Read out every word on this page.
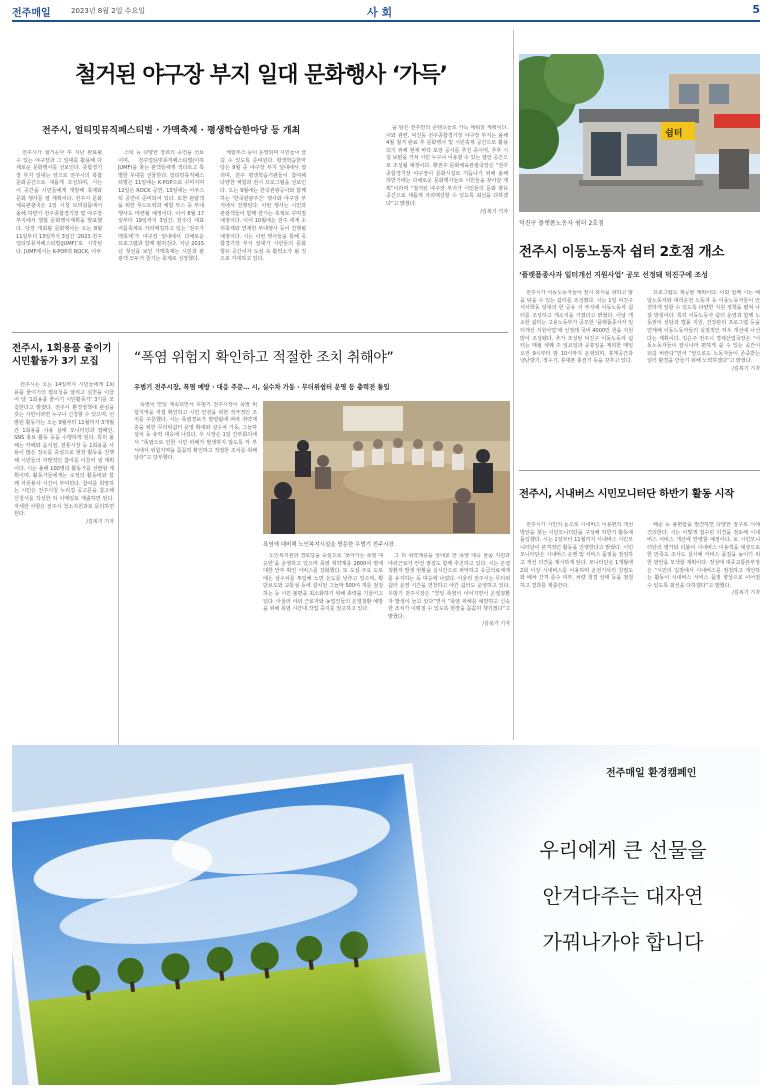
전주매일	2023년 8월 2일 수요일	사 회	5
철거된 야구장 부지 일대 문화행사 ‘가득’
전주시, 얼티밋뮤직페스티벌 · 가맥축제 · 평생학습한마당 등 개최

전주시가 철거공사 후 지난 완료될 수 있는 야구장과 그 일대를 활용해 다채로운 문화행사를 선보인다. 종합경기장 부지 일대는 앞으로 전주시의 복합문화공간으로 새롭게 조성되며, 시는 이 공간을 시민들에게 개방해 축제와 문화 행사를 열 계획이다. 전주시 문화체육관광국은 1일 시청 브리핑룸에서 올해 하반기 전주종합경기장 및 야구장 부지에서 열릴 문화행사계획을 발표했다. 당장 개최될 문화행사는 오는 8월 11일부터 13일까지 3일간 ‘2023 전주얼티밋뮤직페스티벌(JUMF)’로 시작된다. JUMF에서는 K-POP과 ROCK, 어쿠

스틱 등 다양한 장르의 공연을 선보이며, 전주얼티밋뮤직페스티벌(이하 JUMF)을 찾는 관객들에게 색다르고 특별한 무대를 선물한다. 얼티밋뮤직페스티벌은 11일에는 K-POP으로 꾸며지며 12일은 ROCK 공연, 13일에는 어쿠스틱 공연이 준비되어 있다. 또한 관람객을 위한 푸드트럭과 체험 부스 등 부대행사도 마련될 예정이다. 이어 8월 17일부터 19일까지 3일간, 전주의 대표 여름축제로 자리매김하고 있는 ‘전주가맥축제’가 야구장 일대에서 다채로운 프로그램과 함께 펼쳐진다. 지난 2015년 첫선을 보인 가맥축제는 시민과 관광객 모두가 즐기는 축제로 성장했다.

체험부스 등이 운영되며 시민들이 즐길 수 있도록 준비된다. 평생학습한마당은 9월 중 야구장 부지 일대에서 열리며, 전주 평생학습기관들이 참여해 다양한 체험과 전시 프로그램을 선보인다. 오는 9월에는 한국관광공사와 함께하는 ‘한국관광주간’ 행사와 야구장 부지에서 진행된다. 이번 행사는 시민과 관광객들이 함께 즐기는 축제로 꾸며질 예정이다. 이어 10월에는 전주 세계 소리축제와 연계한 부대행사 등이 진행될 예정이다. 시는 이번 행사들을 통해 종합경기장 부지 일대가 시민들의 문화 향유 공간이자 도심 속 활력소가 될 것으로 기대하고 있다.

을 담은 전주만의 콘텐츠들로 가득 채워질 계획이다. 이와 관련, 덕진동 전주종합경기장 야구장 부지는 올해 4월 철거 완료 후 문화행사 및 시민축제 공간으로 활용되기 위해 현재 바닥 포장 공사를 추진 중이며, 추후 시설 보완을 거쳐 시민 누구나 이용할 수 있는 열린 공간으로 조성될 예정이다. 황권주 문화체육관광국장은 “전주종합경기장 야구장이 문화시설로 거듭나기 위해 올해 하반기에는 다채로운 문화행사들로 시민들을 찾아갈 계획”이라며 “철거된 야구장 부지가 시민들의 문화 향유 공간으로 새롭게 자리매김할 수 있도록 최선을 다하겠다”고 밝혔다.

/김복기 기자
쉼터
덕진구 플랫폼노동자 쉼터 2호점
전주시 이동노동자 쉼터 2호점 개소
‘플랫폼종사자 일터개선 지원사업’ 공모 선정돼 덕진구에 조성

전주시가 이동노동자들이 잠시 휴식을 취하고 땀을 닦을 수 있는 쉼터를 조성했다. 시는 1일 덕진구 서서학동 일대의 한 공유 지 부지에 이동노동자 쉼터를 조성하고 개소식을 가졌다고 밝혔다. 이날 개소한 쉼터는 고용노동부가 공모한 ‘플랫폼종사자 일터개선 지원사업’에 선정돼 국비 4000만 원을 지원받아 조성됐다. 추가 조성된 덕진구 이동노동자 쉼터는 매월 셋째 주 일요일과 공휴일을 제외한 매일 오전 9시부터 밤 10시까지 운영되며, 휴게공간과 냉난방기, 정수기, 휴대폰 충전기 등을 갖추고 있다.

프로그램도 제공할 계획이다. 이와 함께 시는 배달노동자와 대리운전 노동자 등 이동노동자들이 안전하게 일할 수 있도록 다양한 지원 정책을 펼쳐 나갈 방침이다. 특히 이동노동자 쉼터 운영과 함께 노동권익 상담과 법률 지원, 건강관리 프로그램 등을 연계해 이동노동자들의 실질적인 처우 개선에 나선다는 계획이다. 김은주 전주시 경제산업국장은 “이동노동자들이 잠시나마 편하게 쉴 수 있는 공간이 되길 바란다”면서 “앞으로도 노동자들이 존중받는 일터 환경을 만들기 위해 노력하겠다”고 밝혔다.

/김복기 기자
전주시, 1회용품 줄이기 시민활동가 3기 모집

전주시는 오는 14일까지 시민들에게 1회용품 줄이기의 필요성을 알리고 실천을 이끌어 낼 ‘1회용품 줄이기 시민활동가’ 3기를 모집한다고 밝혔다. 전주시 환경정책에 관심을 갖는 시민이라면 누구나 신청할 수 있으며, 선발된 활동가는 오는 9월부터 11월까지 3개월간 1회용품 사용 실태 모니터링과 캠페인, SNS 홍보 활동 등을 수행하게 된다. 특히 올해는 카페와 음식점, 전통시장 등 1회용품 사용이 많은 장소를 중심으로 현장 활동을 진행해 시민들의 자발적인 참여를 이끌어 낼 계획이다. 시는 올해 100명의 활동가를 선발할 계획이며, 활동가들에게는 소정의 활동비와 함께 자원봉사 시간이 부여된다. 참여를 희망하는 시민은 전주시청 누리집 공고문을 참고해 신청서를 작성한 뒤 이메일로 제출하면 된다. 자세한 사항은 전주시 청소지원과로 문의하면 된다.

/김복기 기자
“폭염 위험지 확인하고 적절한 조치 취해야”
우범기 전주시장, 폭염 예방 · 대응 주문… 시, 실수차 가동 · 무더위쉼터 운영 등 총력전 돌입

폭염이 연일 계속되면서 우범기 전주시장이 폭염 위험지역을 직접 확인하고 시민 안전을 위한 적극적인 조치를 주문했다. 시는 폭염경보가 발령됨에 따라 취약계층을 위한 무더위쉼터 운영 확대와 살수차 가동, 그늘막 설치 등 총력 대응에 나섰다. 우 시장은 1일 간부회의에서 “폭염으로 인한 시민 피해가 발생하지 않도록 각 부서에서 위험지역을 꼼꼼히 확인하고 적절한 조치를 취해달라”고 당부했다.

폭염에 대비해 노인복지시설을 방문한 우범기 전주시장.

노인복지관과 경로당을 중심으로 ‘찾아가는 폭염 대응반’을 운영하고 있으며 폭염 취약계층 2800여 명에 대한 안부 확인 서비스를 강화했다. 또 도심 주요 도로에는 살수차를 투입해 노면 온도를 낮추고 있으며, 횡단보도와 교통섬 등에 설치된 그늘막 500여 개를 점검하는 등 시민 불편을 최소화하기 위해 총력을 기울이고 있다. 아울러 야외 근로자와 농업인들의 온열질환 예방을 위해 폭염 시간대 작업 중지를 권고하고 있다.

그 외 취약계층을 상대로 한 폭염 대응 물품 지원과 야외근로자 안전 점검도 함께 추진하고 있다. 시는 온열질환자 발생 현황을 실시간으로 파악하고 응급의료체계를 유지하는 등 대응에 나섰다. 아울러 전주시는 무더위쉼터 운영 시간을 연장하고 야간 쉼터도 운영하고 있다. 우범기 전주시장은 “연일 폭염이 이어지면서 온열질환자 발생이 늘고 있다”면서 “폭염 피해를 예방하고 신속한 조치가 이뤄질 수 있도록 현장을 꼼꼼히 챙기겠다”고 밝혔다.

/김복기 기자
전주시, 시내버스 시민모니터단 하반기 활동 시작

전주시가 시민의 눈으로 시내버스 이용편의 개선 방안을 찾는 시민모니터단을 구성해 하반기 활동에 돌입했다. 시는 1일부터 11월까지 시내버스 시민모니터단이 본격적인 활동을 진행한다고 밝혔다. 시민모니터단은 시내버스 운행 및 서비스 품질을 점검하고 개선 의견을 제시하게 된다. 모니터단은 1개월에 2회 이상 시내버스를 이용하며 운전기사의 친절도와 배차 간격 준수 여부, 차량 청결 상태 등을 점검하고 결과를 제출한다.

해준 등 불편함을 발견하면 다양한 창구로 시에 건의한다. 시는 이렇게 접수된 의견을 검토해 시내버스 서비스 개선에 반영할 예정이다. 또 시민모니터단의 평가와 더불어 시내버스 이용객을 대상으로 한 만족도 조사도 실시해 서비스 품질을 높이기 위한 방안을 모색할 계획이다. 정성태 대중교통본부장은 “시민의 입장에서 시내버스를 점검하고 개선하는 활동이 시내버스 서비스 품질 향상으로 이어질 수 있도록 최선을 다하겠다”고 말했다.

/김복기 기자
전주매일 환경캠페인
우리에게 큰 선물을
안겨다주는 대자연
가꿔나가야 합니다
